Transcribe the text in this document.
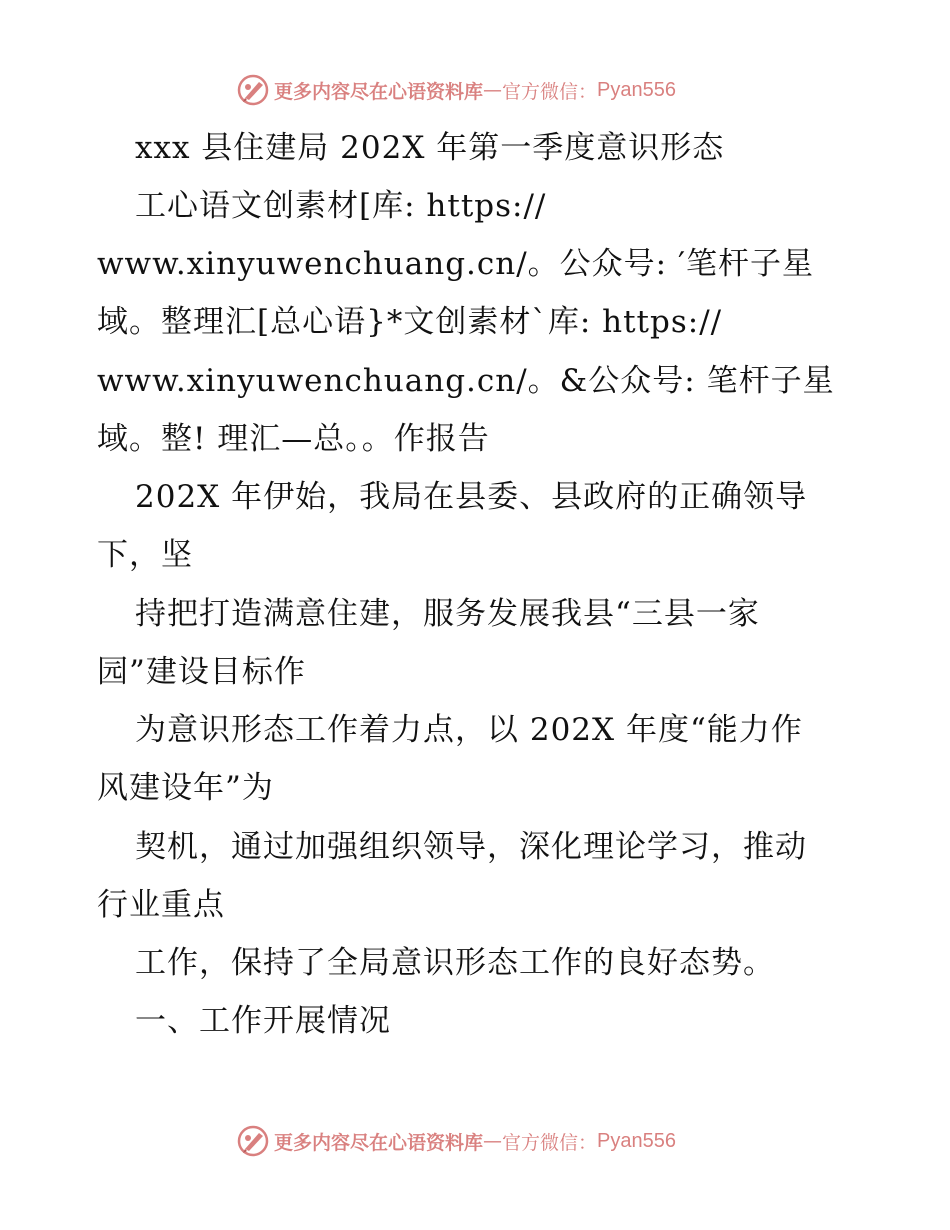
更多内容尽在心语资料库 — 官方微信： Pyan556
xxx 县住建局 202X 年第一季度意识形态
工心语文创素材[库: https://
www.xinyuwenchuang.cn/。公众号: ′笔杆子星
域。整理汇[总心语}*文创素材ˋ库: https://
www.xinyuwenchuang.cn/。&公众号: 笔杆子星
域。整! 理汇—总。。作报告
202X 年伊始，我局在县委、县政府的正确领导
下，坚
持把打造满意住建，服务发展我县“三县一家
园”建设目标作
为意识形态工作着力点，以 202X 年度“能力作
风建设年”为
契机，通过加强组织领导，深化理论学习，推动
行业重点
工作，保持了全局意识形态工作的良好态势。
一、工作开展情况
更多内容尽在心语资料库 — 官方微信： Pyan556
